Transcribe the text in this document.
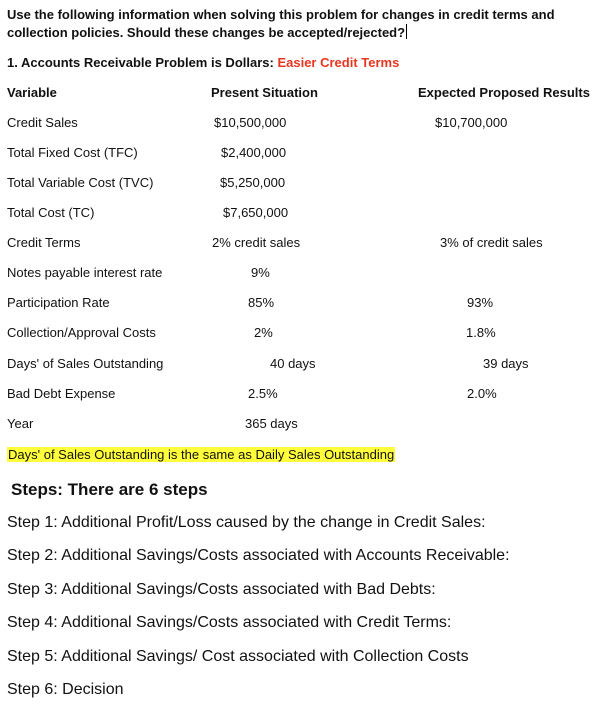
Use the following information when solving this problem for changes in credit terms and collection policies. Should these changes be accepted/rejected?
1. Accounts Receivable Problem is Dollars: Easier Credit Terms
Variable	Present Situation	Expected Proposed Results
Credit Sales	$10,500,000	$10,700,000
Total Fixed Cost (TFC)	$2,400,000
Total Variable Cost (TVC)	$5,250,000
Total Cost (TC)	$7,650,000
Credit Terms	2% credit sales	3% of credit sales
Notes payable interest rate	9%
Participation Rate	85%	93%
Collection/Approval Costs	2%	1.8%
Days' of Sales Outstanding	40 days	39 days
Bad Debt Expense	2.5%	2.0%
Year	365 days
Days' of Sales Outstanding is the same as Daily Sales Outstanding
Steps: There are 6 steps
Step 1: Additional Profit/Loss caused by the change in Credit Sales:
Step 2: Additional Savings/Costs associated with Accounts Receivable:
Step 3: Additional Savings/Costs associated with Bad Debts:
Step 4: Additional Savings/Costs associated with Credit Terms:
Step 5: Additional Savings/ Cost associated with Collection Costs
Step 6: Decision
